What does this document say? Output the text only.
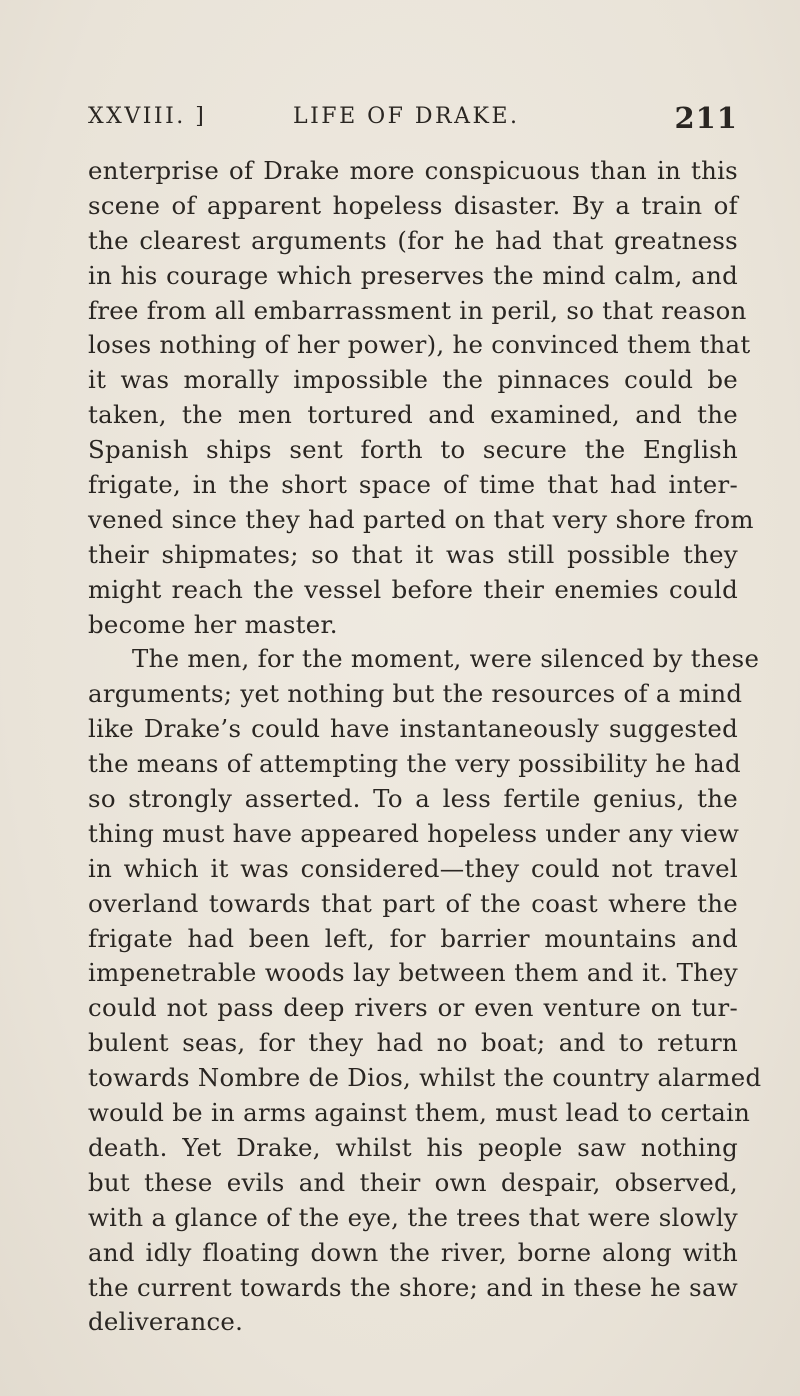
XXVIII. ]	LIFE OF DRAKE.	211
enterprise of Drake more conspicuous than in this
scene of apparent hopeless disaster. By a train of
the clearest arguments (for he had that greatness
in his courage which preserves the mind calm, and
free from all embarrassment in peril, so that reason
loses nothing of her power), he convinced them that
it was morally impossible the pinnaces could be
taken, the men tortured and examined, and the
Spanish ships sent forth to secure the English
frigate, in the short space of time that had inter-
vened since they had parted on that very shore from
their shipmates; so that it was still possible they
might reach the vessel before their enemies could
become her master.
The men, for the moment, were silenced by these
arguments; yet nothing but the resources of a mind
like Drake’s could have instantaneously suggested
the means of attempting the very possibility he had
so strongly asserted. To a less fertile genius, the
thing must have appeared hopeless under any view
in which it was considered—they could not travel
overland towards that part of the coast where the
frigate had been left, for barrier mountains and
impenetrable woods lay between them and it. They
could not pass deep rivers or even venture on tur-
bulent seas, for they had no boat; and to return
towards Nombre de Dios, whilst the country alarmed
would be in arms against them, must lead to certain
death. Yet Drake, whilst his people saw nothing
but these evils and their own despair, observed,
with a glance of the eye, the trees that were slowly
and idly floating down the river, borne along with
the current towards the shore; and in these he saw
deliverance.
